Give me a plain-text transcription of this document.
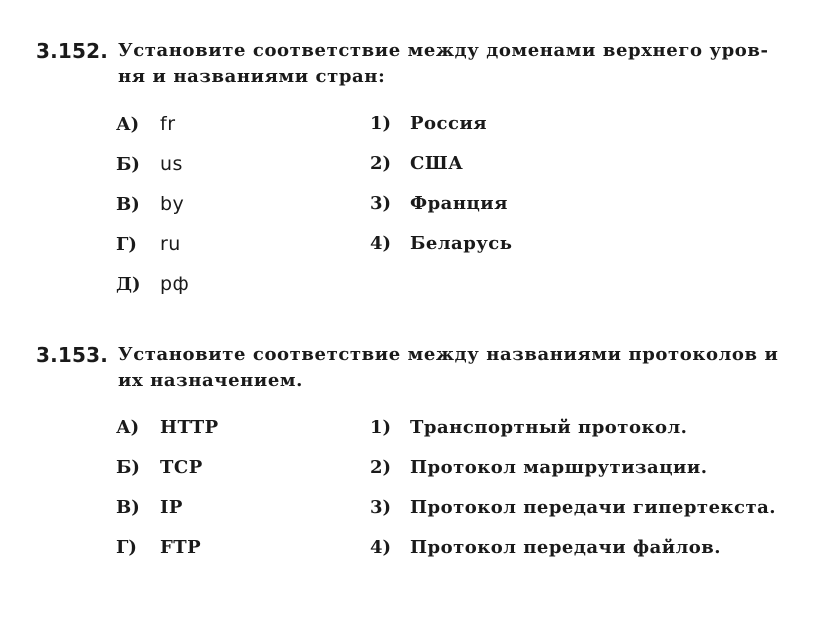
3.152. Установите соответствие между доменами верхнего уров-
ня и названиями стран:
А)	fr
Б)	us
В)	by
Г)	ru
Д)	рф
1)	Россия
2)	США
3)	Франция
4)	Беларусь
3.153. Установите соответствие между названиями протоколов и
их назначением.
А)	HTTP
Б)	TCP
В)	IP
Г)	FTP
1)	Транспортный протокол.
2)	Протокол маршрутизации.
3)	Протокол передачи гипертекста.
4)	Протокол передачи файлов.
